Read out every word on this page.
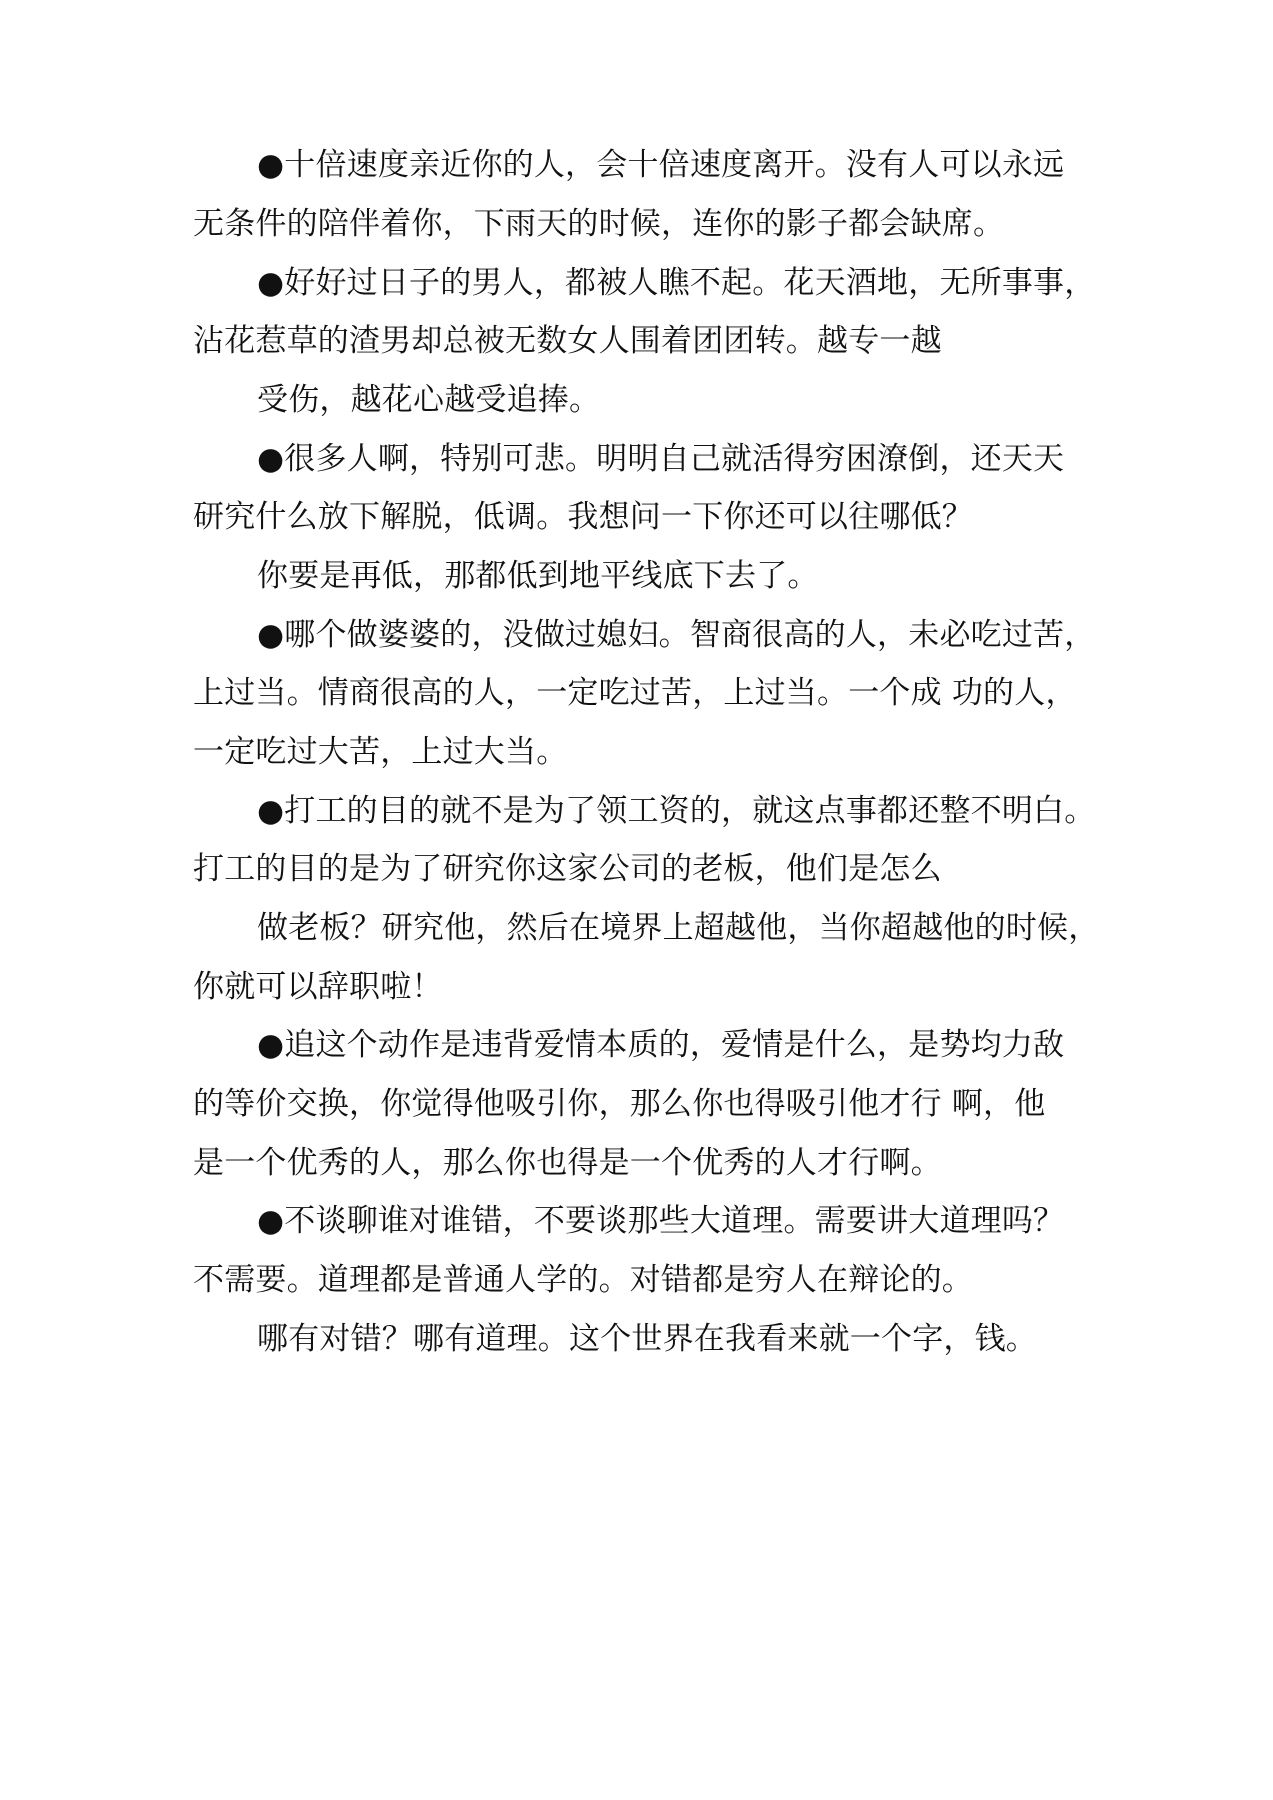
●十倍速度亲近你的人，会十倍速度离开。没有人可以永远

无条件的陪伴着你，下雨天的时候，连你的影子都会缺席。

●好好过日子的男人，都被人瞧不起。花天酒地，无所事事，

沾花惹草的渣男却总被无数女人围着团团转。越专一越

受伤，越花心越受追捧。

●很多人啊，特别可悲。明明自己就活得穷困潦倒，还天天

研究什么放下解脱，低调。我想问一下你还可以往哪低？

你要是再低，那都低到地平线底下去了。

●哪个做婆婆的，没做过媳妇。智商很高的人，未必吃过苦，

上过当。情商很高的人，一定吃过苦，上过当。一个成 功的人，

一定吃过大苦，上过大当。

●打工的目的就不是为了领工资的，就这点事都还整不明白。

打工的目的是为了研究你这家公司的老板，他们是怎么

做老板？研究他，然后在境界上超越他，当你超越他的时候，

你就可以辞职啦！

●追这个动作是违背爱情本质的，爱情是什么，是势均力敌

的等价交换，你觉得他吸引你，那么你也得吸引他才行 啊，他

是一个优秀的人，那么你也得是一个优秀的人才行啊。

●不谈聊谁对谁错，不要谈那些大道理。需要讲大道理吗？

不需要。道理都是普通人学的。对错都是穷人在辩论的。

哪有对错？哪有道理。这个世界在我看来就一个字，钱。
